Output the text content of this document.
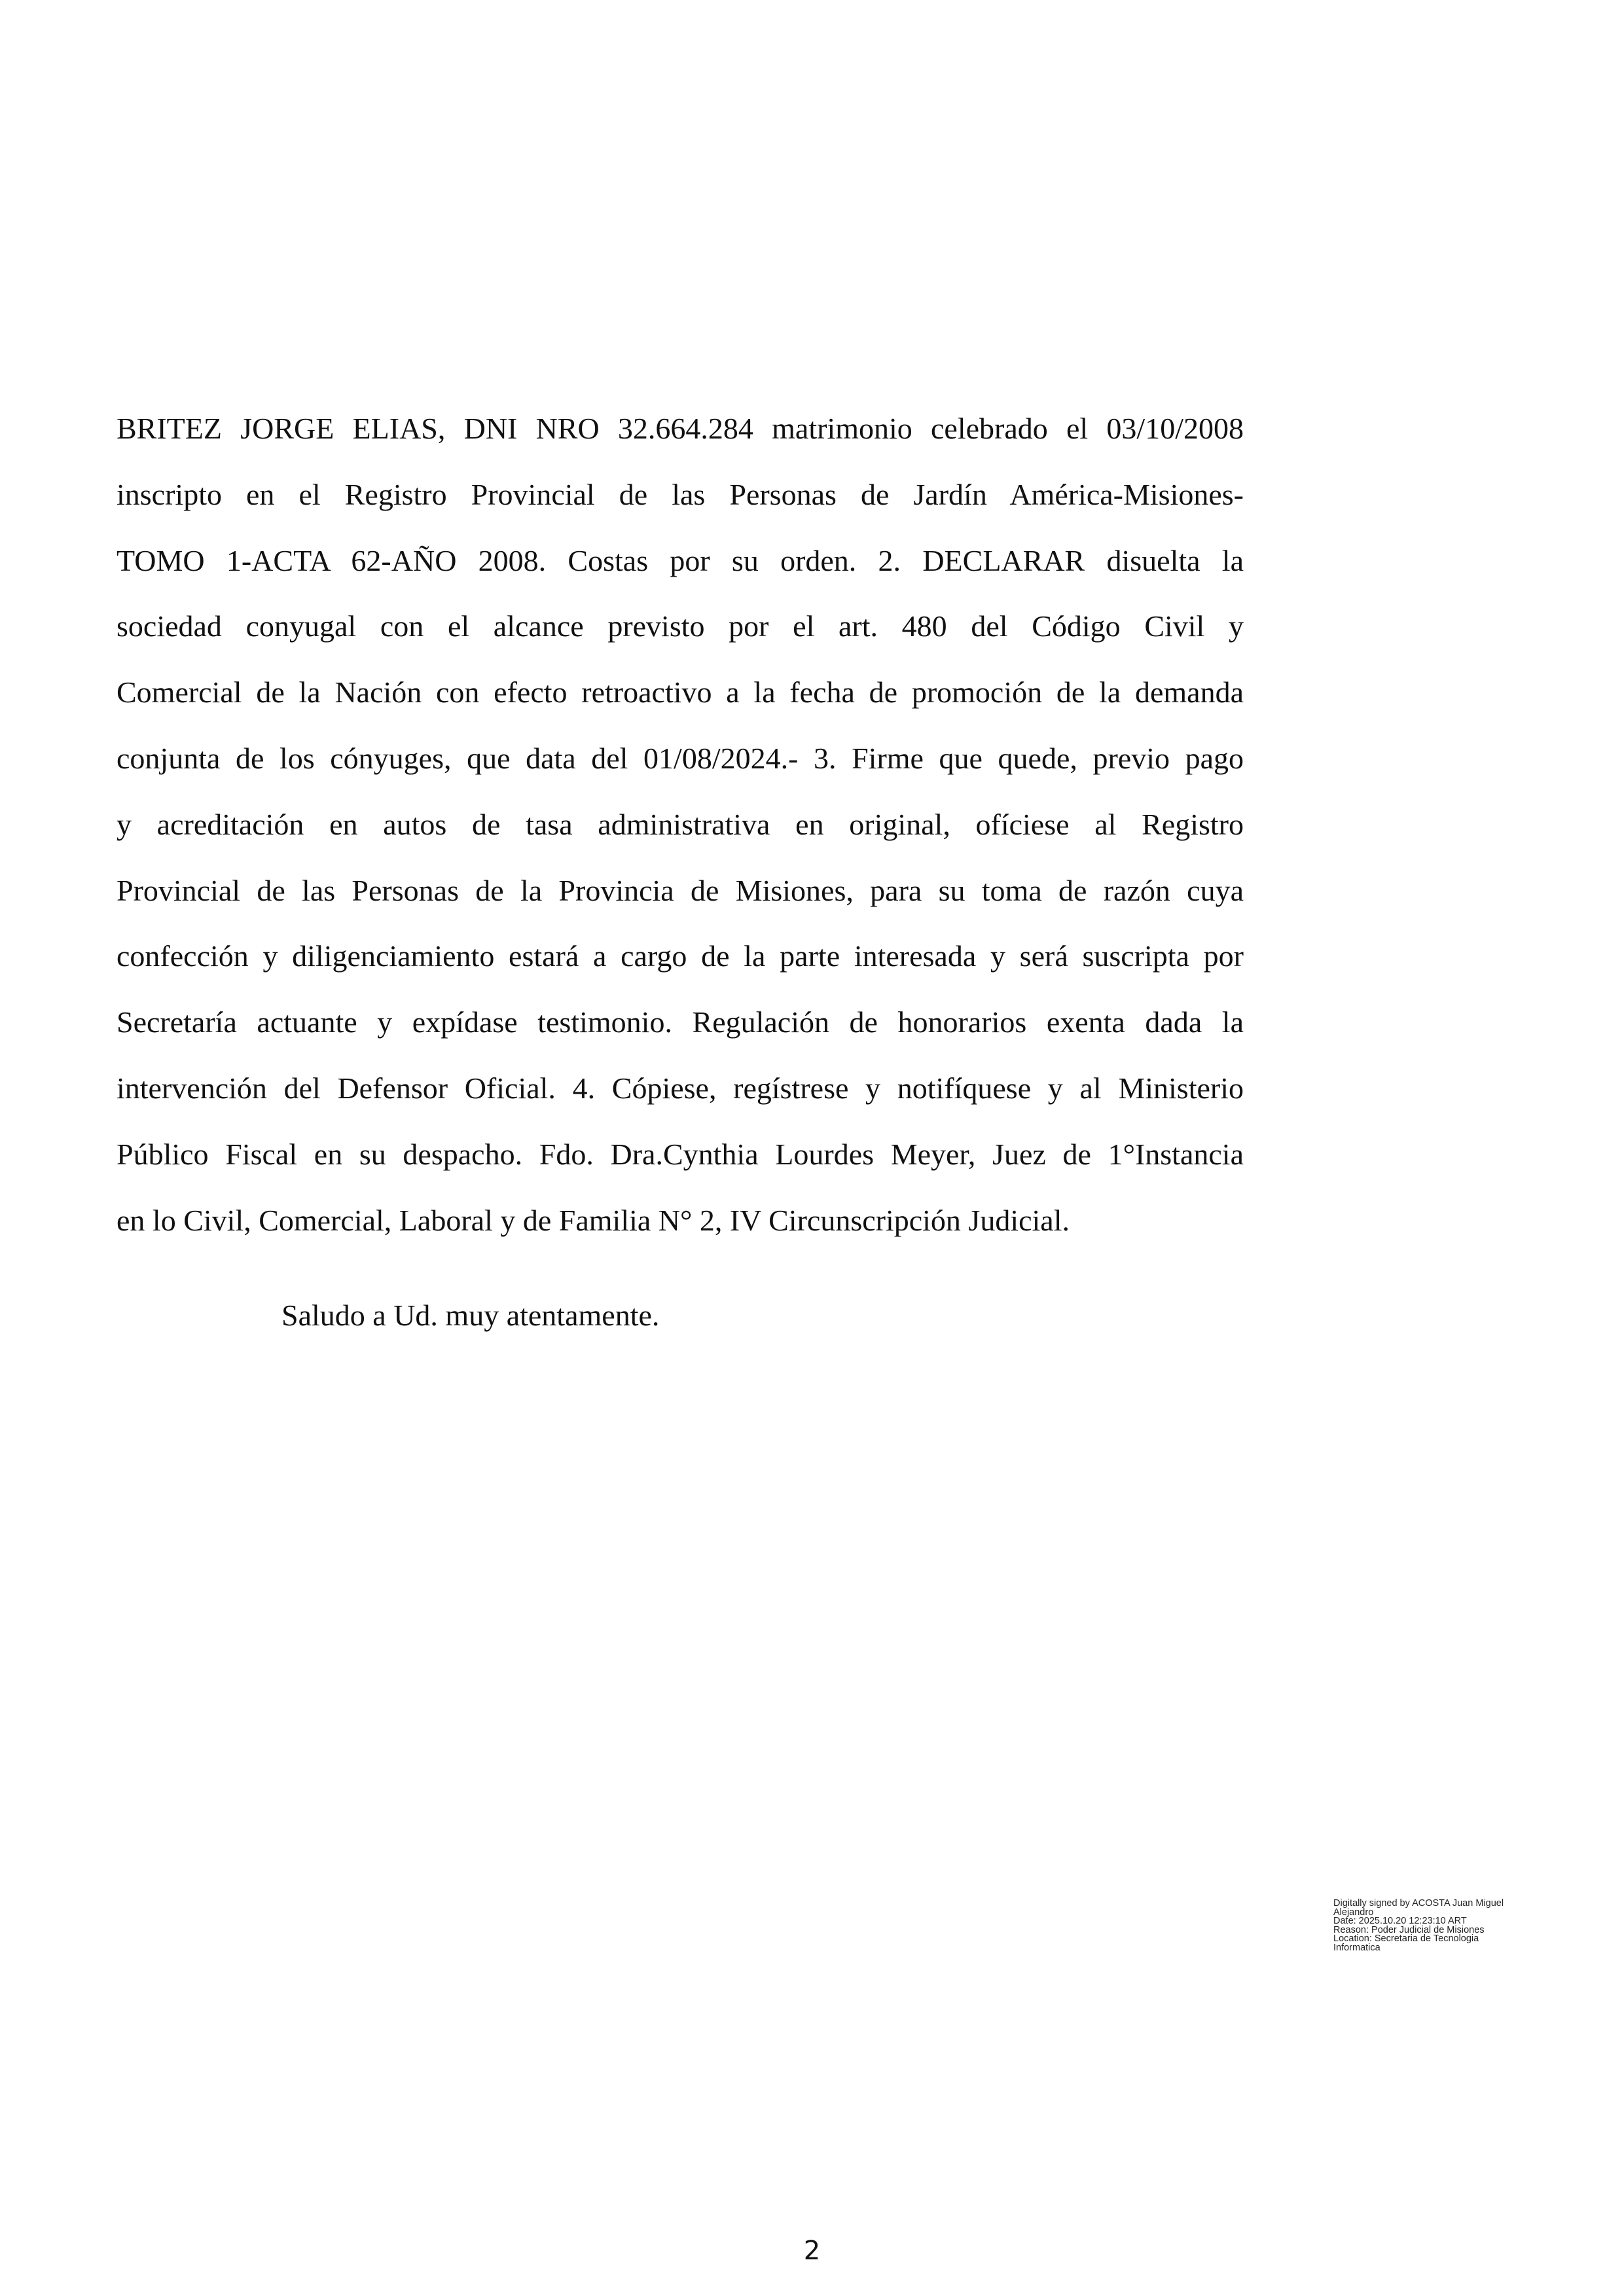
BRITEZ JORGE ELIAS, DNI NRO 32.664.284 matrimonio celebrado el 03/10/2008
inscripto en el Registro Provincial de las Personas de Jardín América-Misiones-
TOMO 1-ACTA 62-AÑO 2008. Costas por su orden. 2. DECLARAR disuelta la
sociedad conyugal con el alcance previsto por el art. 480 del Código Civil y
Comercial de la Nación con efecto retroactivo a la fecha de promoción de la demanda
conjunta de los cónyuges, que data del 01/08/2024.- 3. Firme que quede, previo pago
y acreditación en autos de tasa administrativa en original, ofíciese al Registro
Provincial de las Personas de la Provincia de Misiones, para su toma de razón cuya
confección y diligenciamiento estará a cargo de la parte interesada y será suscripta por
Secretaría actuante y expídase testimonio. Regulación de honorarios exenta dada la
intervención del Defensor Oficial. 4. Cópiese, regístrese y notifíquese y al Ministerio
Público Fiscal en su despacho. Fdo. Dra.Cynthia Lourdes Meyer, Juez de 1°Instancia
en lo Civil, Comercial, Laboral y de Familia N° 2, IV Circunscripción Judicial.

Saludo a Ud. muy atentamente.

Digitally signed by ACOSTA Juan Miguel
Alejandro
Date: 2025.10.20 12:23:10 ART
Reason: Poder Judicial de Misiones
Location: Secretaria de Tecnologia
Informatica
2
